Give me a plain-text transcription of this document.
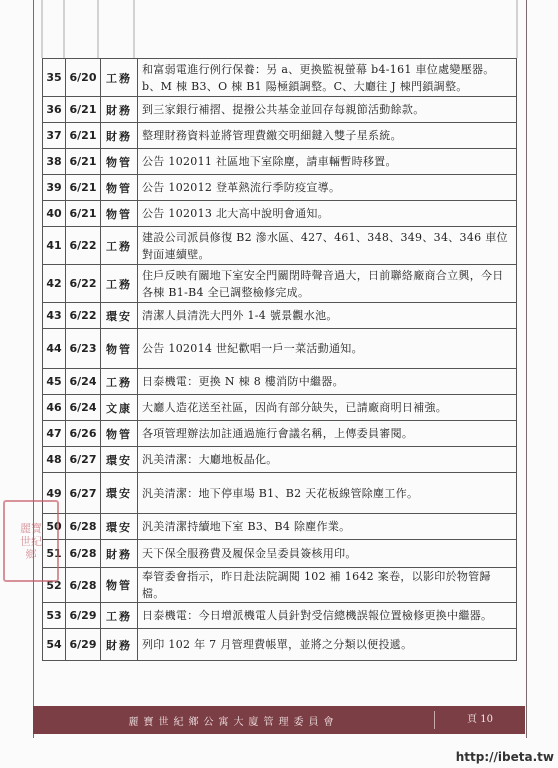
35	6/20	工務	和富弱電進行例行保養：另 a、更換監視螢幕 b4-161 車位處變壓器。b、M 棟 B3、O 棟 B1 陽極鎖調整。C、大廳往 J 棟門鎖調整。
36	6/21	財務	到三家銀行補摺、提撥公共基金並回存每親節活動餘款。
37	6/21	財務	整理財務資料並將管理費繳交明細鍵入雙子星系統。
38	6/21	物管	公告 102011 社區地下室除塵，請車輛暫時移置。
39	6/21	物管	公告 102012 登革熱流行季防疫宣導。
40	6/21	物管	公告 102013 北大高中說明會通知。
41	6/22	工務	建設公司派員修復 B2 滲水區、427、461、348、349、34、346 車位對面連續壁。
42	6/22	工務	住戶反映有關地下室安全門關閉時聲音過大，日前聯絡廠商合立興，今日各棟 B1-B4 全已調整檢修完成。
43	6/22	環安	清潔人員清洗大門外 1-4 號景觀水池。
44	6/23	物管	公告 102014 世紀歡唱一戶一菜活動通知。
45	6/24	工務	日泰機電：更換 N 棟 8 樓消防中繼器。
46	6/24	文康	大廳人造花送至社區，因尚有部分缺失，已請廠商明日補強。
47	6/26	物管	各項管理辦法加註通過施行會議名稱，上傳委員審閱。
48	6/27	環安	汎美清潔：大廳地板晶化。
49	6/27	環安	汎美清潔：地下停車場 B1、B2 天花板線管除塵工作。
50	6/28	環安	汎美清潔持續地下室 B3、B4 除塵作業。
51	6/28	財務	天下保全服務費及履保金呈委員簽核用印。
52	6/28	物管	奉管委會指示，昨日赴法院調閱 102 補 1642 案卷，以影印於物管歸檔。
53	6/29	工務	日泰機電：今日增派機電人員針對受信總機誤報位置檢修更換中繼器。
54	6/29	財務	列印 102 年 7 月管理費帳單，並將之分類以便投遞。
麗寶
世紀
鄉
麗寶世紀鄉公寓大廈管理委員會	頁 10
http://ibeta.tw
